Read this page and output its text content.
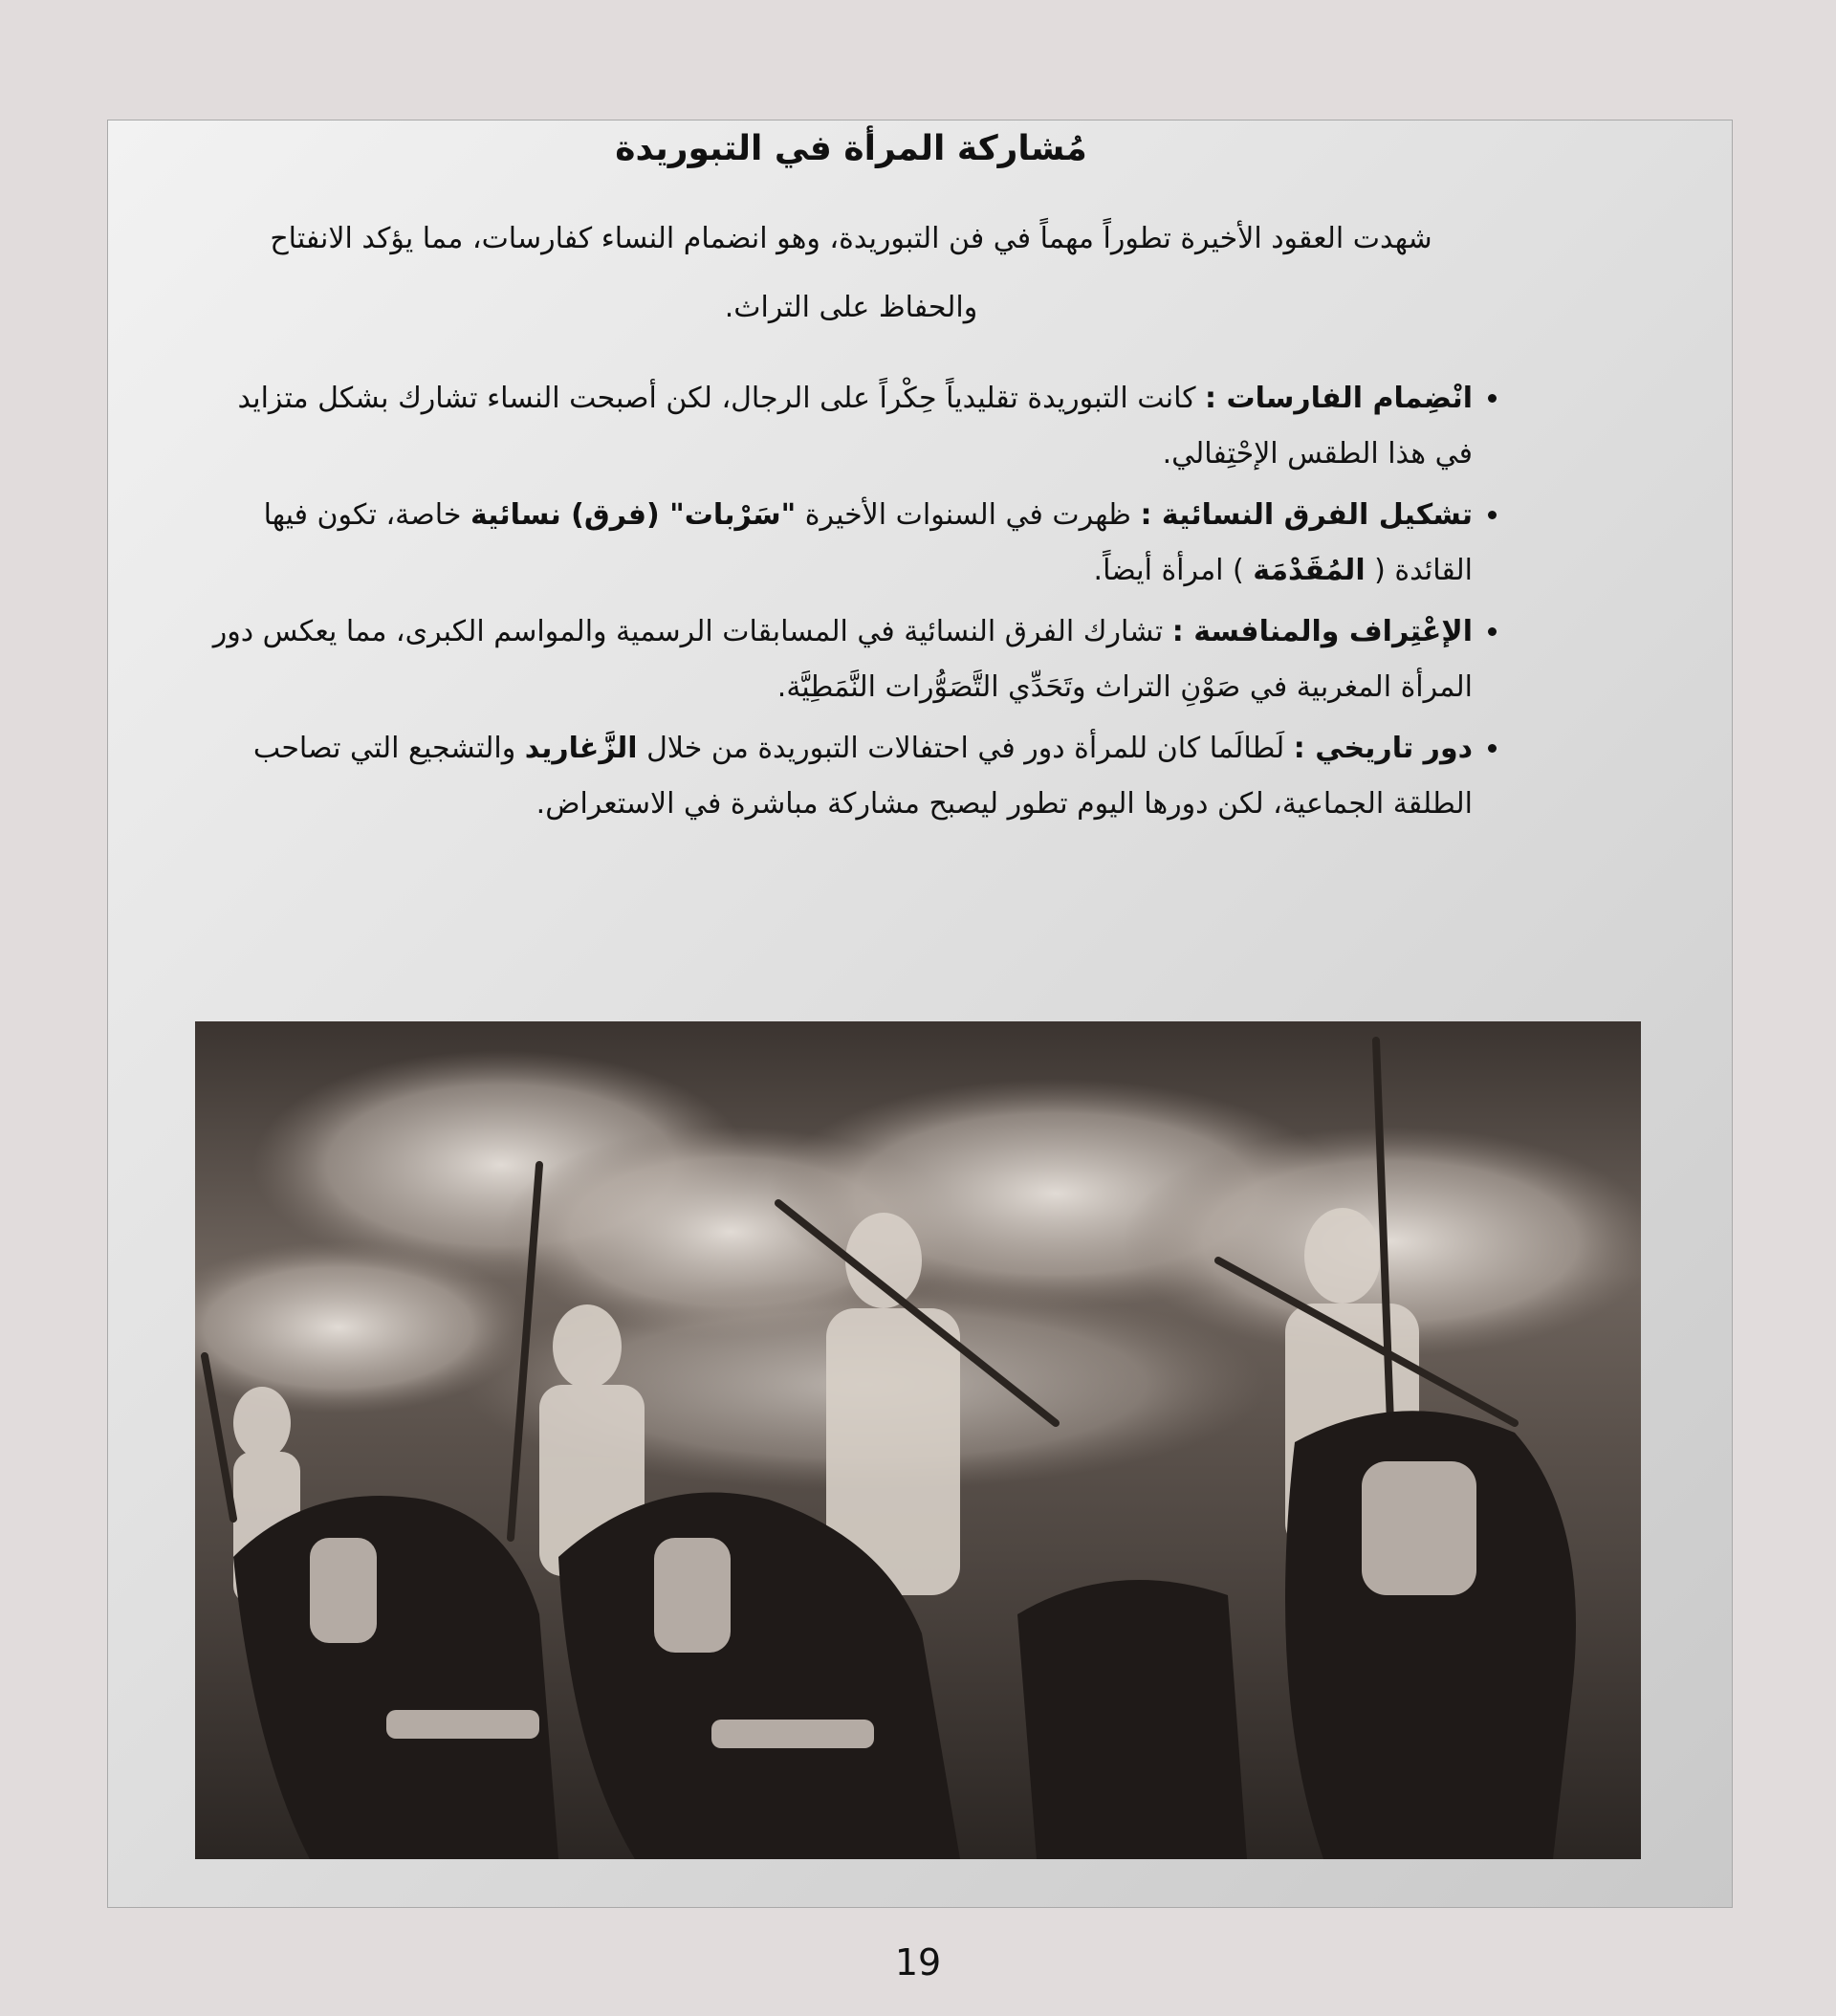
مُشاركة المرأة في التبوريدة

شهدت العقود الأخيرة تطوراً مهماً في فن التبوريدة، وهو انضمام النساء كفارسات، مما يؤكد الانفتاح والحفاظ على التراث.

• انْضِمام الفارسات : كانت التبوريدة تقليدياً حِكْراً على الرجال، لكن أصبحت النساء تشارك بشكل متزايد في هذا الطقس الإحْتِفالي.
• تشكيل الفرق النسائية : ظهرت في السنوات الأخيرة "سَرْبات" (فرق) نسائية خاصة، تكون فيها القائدة ( المُقَدْمَة ) امرأة أيضاً.
• الإعْتِراف والمنافسة : تشارك الفرق النسائية في المسابقات الرسمية والمواسم الكبرى، مما يعكس دور المرأة المغربية في صَوْنِ التراث وتَحَدِّي التَّصَوُّرات النَّمَطِيَّة.
• دور تاريخي : لَطالَما كان للمرأة دور في احتفالات التبوريدة من خلال الزَّغاريد والتشجيع التي تصاحب الطلقة الجماعية، لكن دورها اليوم تطور ليصبح مشاركة مباشرة في الاستعراض.
19
